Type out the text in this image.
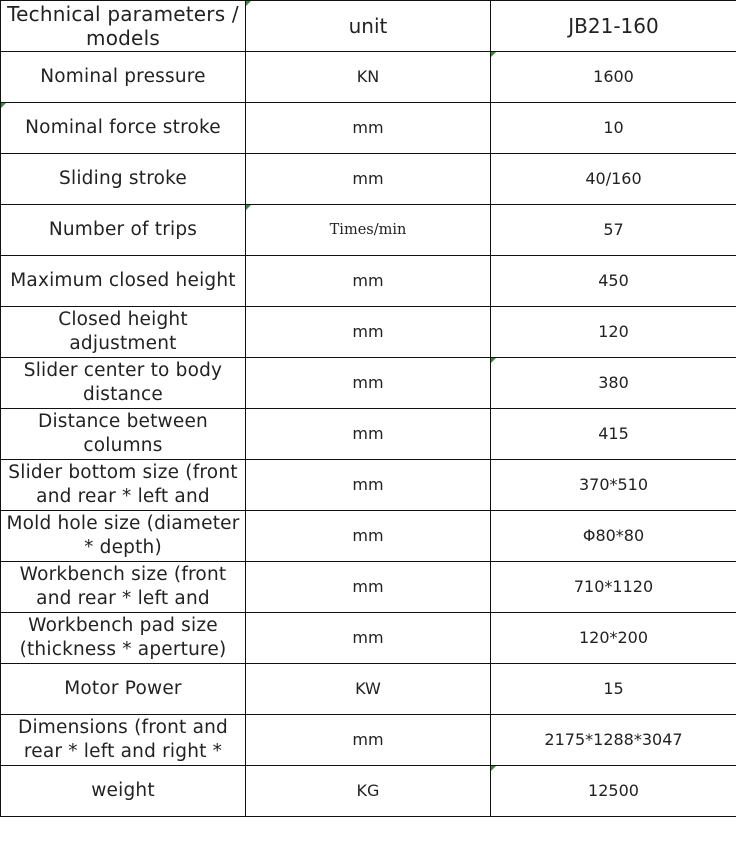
Technical parameters / models	unit	JB21-160
Nominal pressure	KN	1600
Nominal force stroke	mm	10
Sliding stroke	mm	40/160
Number of trips	Times/min	57
Maximum closed height	mm	450
Closed height adjustment	mm	120
Slider center to body distance	mm	380
Distance between columns	mm	415
Slider bottom size (front and rear * left and	mm	370*510
Mold hole size (diameter * depth)	mm	Φ80*80
Workbench size (front and rear * left and	mm	710*1120
Workbench pad size (thickness * aperture)	mm	120*200
Motor Power	KW	15
Dimensions (front and rear * left and right *	mm	2175*1288*3047
weight	KG	12500
